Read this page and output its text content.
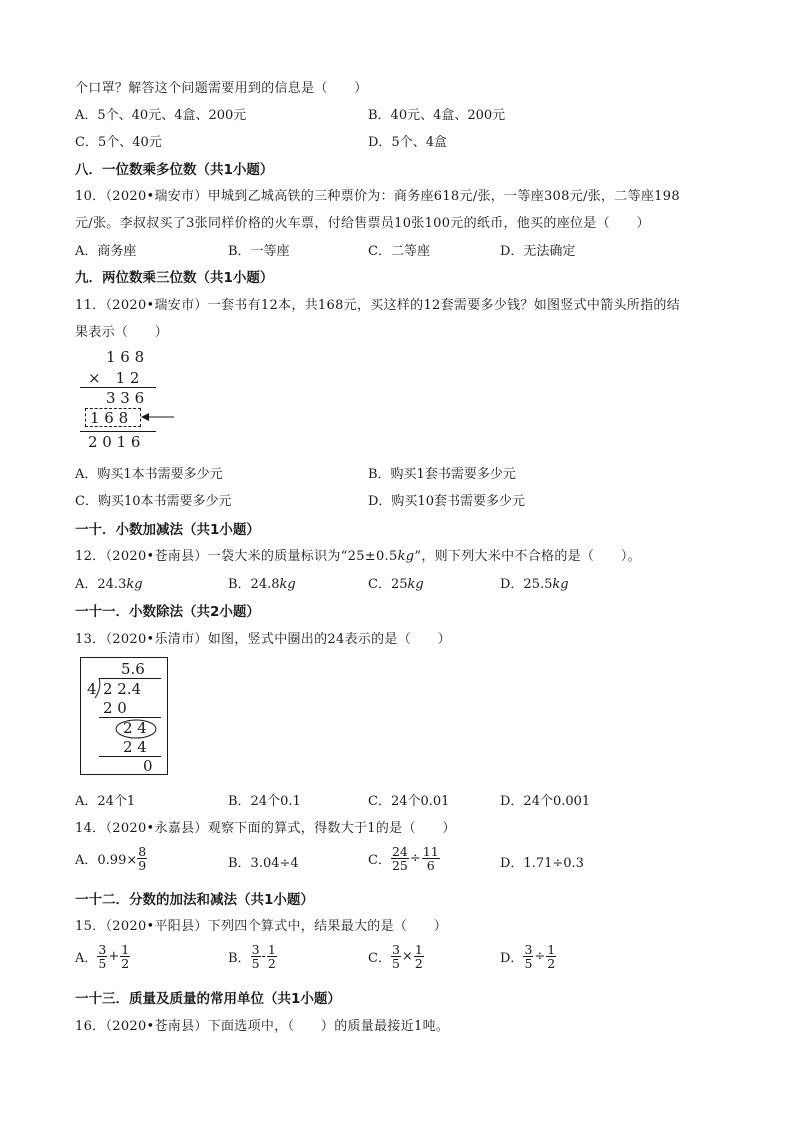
个口罩？解答这个问题需要用到的信息是（　　）
A．5个、40元、4盒、200元	B．40元、4盒、200元
C．5个、40元	D．5个、4盒
八．一位数乘多位数（共1小题）
10．（2020•瑞安市）甲城到乙城高铁的三种票价为：商务座618元/张，一等座308元/张，二等座198
元/张。李叔叔买了3张同样价格的火车票，付给售票员10张100元的纸币，他买的座位是（　　）
A．商务座	B．一等座	C．二等座	D．无法确定
九．两位数乘三位数（共1小题）
11．（2020•瑞安市）一套书有12本，共168元，买这样的12套需要多少钱？如图竖式中箭头所指的结
果表示（　　）
1 6 8
×　1 2
3 3 6
1 6 8
2 0 1 6
A．购买1本书需要多少元	B．购买1套书需要多少元
C．购买10本书需要多少元	D．购买10套书需要多少元
一十．小数加减法（共1小题）
12．（2020•苍南县）一袋大米的质量标识为“25±0.5kg”，则下列大米中不合格的是（　　）。
A．24.3kg	B．24.8kg	C．25kg	D．25.5kg
一十一．小数除法（共2小题）
13．（2020•乐清市）如图，竖式中圈出的24表示的是（　　）
5.6
4 2 2.4
2 0
2 4
2 4
0
A．24个1	B．24个0.1	C．24个0.01	D．24个0.001
14．（2020•永嘉县）观察下面的算式，得数大于1的是（　　）
A．$0.99\times \frac{8}{9}$	B．3.04÷4	C． $\frac{24}{25} \div \frac{11}{6}$	D．1.71÷0.3
一十二．分数的加法和减法（共1小题）
15．（2020•平阳县）下列四个算式中，结果最大的是（　　）
A． $\frac{3}{5} + \frac{1}{2}$	B． $\frac{3}{5} - \frac{1}{2}$	C． $\frac{3}{5} \times \frac{1}{2}$	D． $\frac{3}{5} \div \frac{1}{2}$
一十三．质量及质量的常用单位（共1小题）
16．（2020•苍南县）下面选项中，（　　）的质量最接近1吨。
